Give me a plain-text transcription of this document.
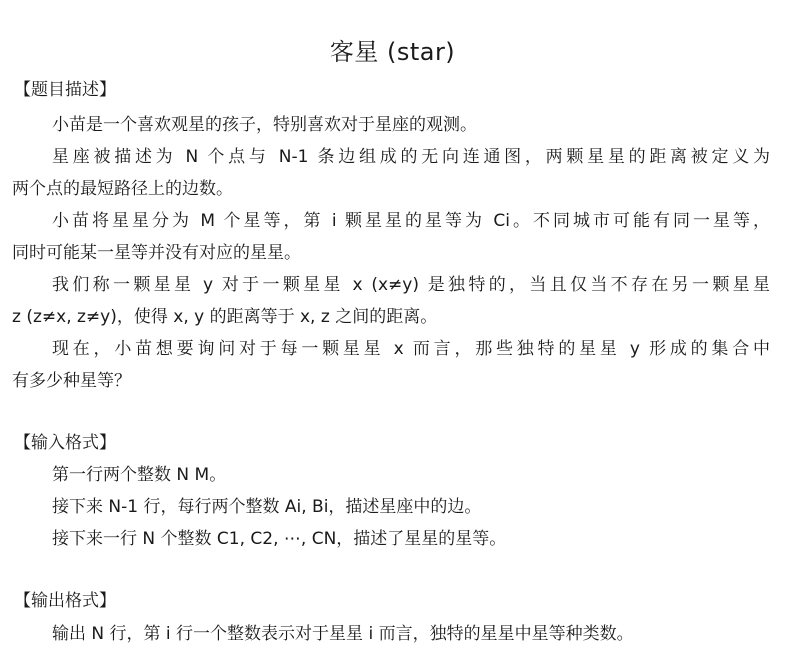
客星 (star)
【题目描述】
小苗是一个喜欢观星的孩子，特别喜欢对于星座的观测。
星座被描述为 N 个点与 N-1 条边组成的无向连通图，两颗星星的距离被定义为
两个点的最短路径上的边数。
小苗将星星分为 M 个星等，第 i 颗星星的星等为 Ci。不同城市可能有同一星等，
同时可能某一星等并没有对应的星星。
我们称一颗星星 y 对于一颗星星 x (x≠y) 是独特的，当且仅当不存在另一颗星星
z (z≠x, z≠y)，使得 x, y 的距离等于 x, z 之间的距离。
现在，小苗想要询问对于每一颗星星 x 而言，那些独特的星星 y 形成的集合中
有多少种星等？
【输入格式】
第一行两个整数 N M。
接下来 N-1 行，每行两个整数 Ai, Bi，描述星座中的边。
接下来一行 N 个整数 C1, C2, ⋯, CN，描述了星星的星等。
【输出格式】
输出 N 行，第 i 行一个整数表示对于星星 i 而言，独特的星星中星等种类数。
